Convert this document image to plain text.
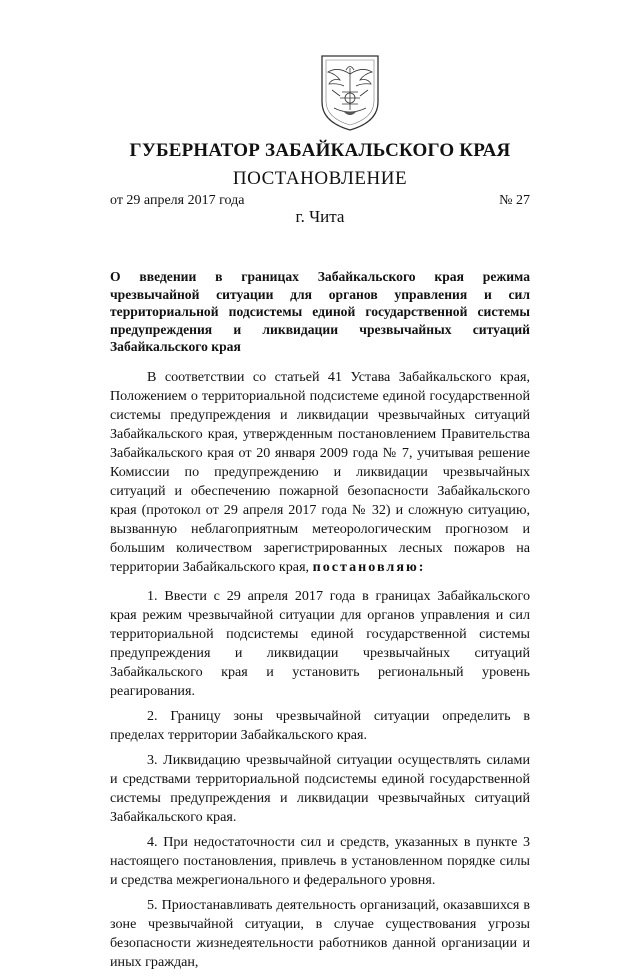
ГУБЕРНАТОР ЗАБАЙКАЛЬСКОГО КРАЯ
ПОСТАНОВЛЕНИЕ
от 29 апреля 2017 года	№ 27
г. Чита

О введении в границах Забайкальского края режима чрезвычайной ситуации для органов управления и сил территориальной подсистемы единой государственной системы предупреждения и ликвидации чрезвычайных ситуаций Забайкальского края

В соответствии со статьей 41 Устава Забайкальского края, Положением о территориальной подсистеме единой государственной системы предупреждения и ликвидации чрезвычайных ситуаций Забайкальского края, утвержденным постановлением Правительства Забайкальского края от 20 января 2009 года № 7, учитывая решение Комиссии по предупреждению и ликвидации чрезвычайных ситуаций и обеспечению пожарной безопасности Забайкальского края (протокол от 29 апреля 2017 года № 32) и сложную ситуацию, вызванную неблагоприятным метеорологическим прогнозом и большим количеством зарегистрированных лесных пожаров на территории Забайкальского края, постановляю:

1. Ввести с 29 апреля 2017 года в границах Забайкальского края режим чрезвычайной ситуации для органов управления и сил территориальной подсистемы единой государственной системы предупреждения и ликвидации чрезвычайных ситуаций Забайкальского края и установить региональный уровень реагирования.

2. Границу зоны чрезвычайной ситуации определить в пределах территории Забайкальского края.

3. Ликвидацию чрезвычайной ситуации осуществлять силами и средствами территориальной подсистемы единой государственной системы предупреждения и ликвидации чрезвычайных ситуаций Забайкальского края.

4. При недостаточности сил и средств, указанных в пункте 3 настоящего постановления, привлечь в установленном порядке силы и средства межрегионального и федерального уровня.

5. Приостанавливать деятельность организаций, оказавшихся в зоне чрезвычайной ситуации, в случае существования угрозы безопасности жизнедеятельности работников данной организации и иных граждан,
